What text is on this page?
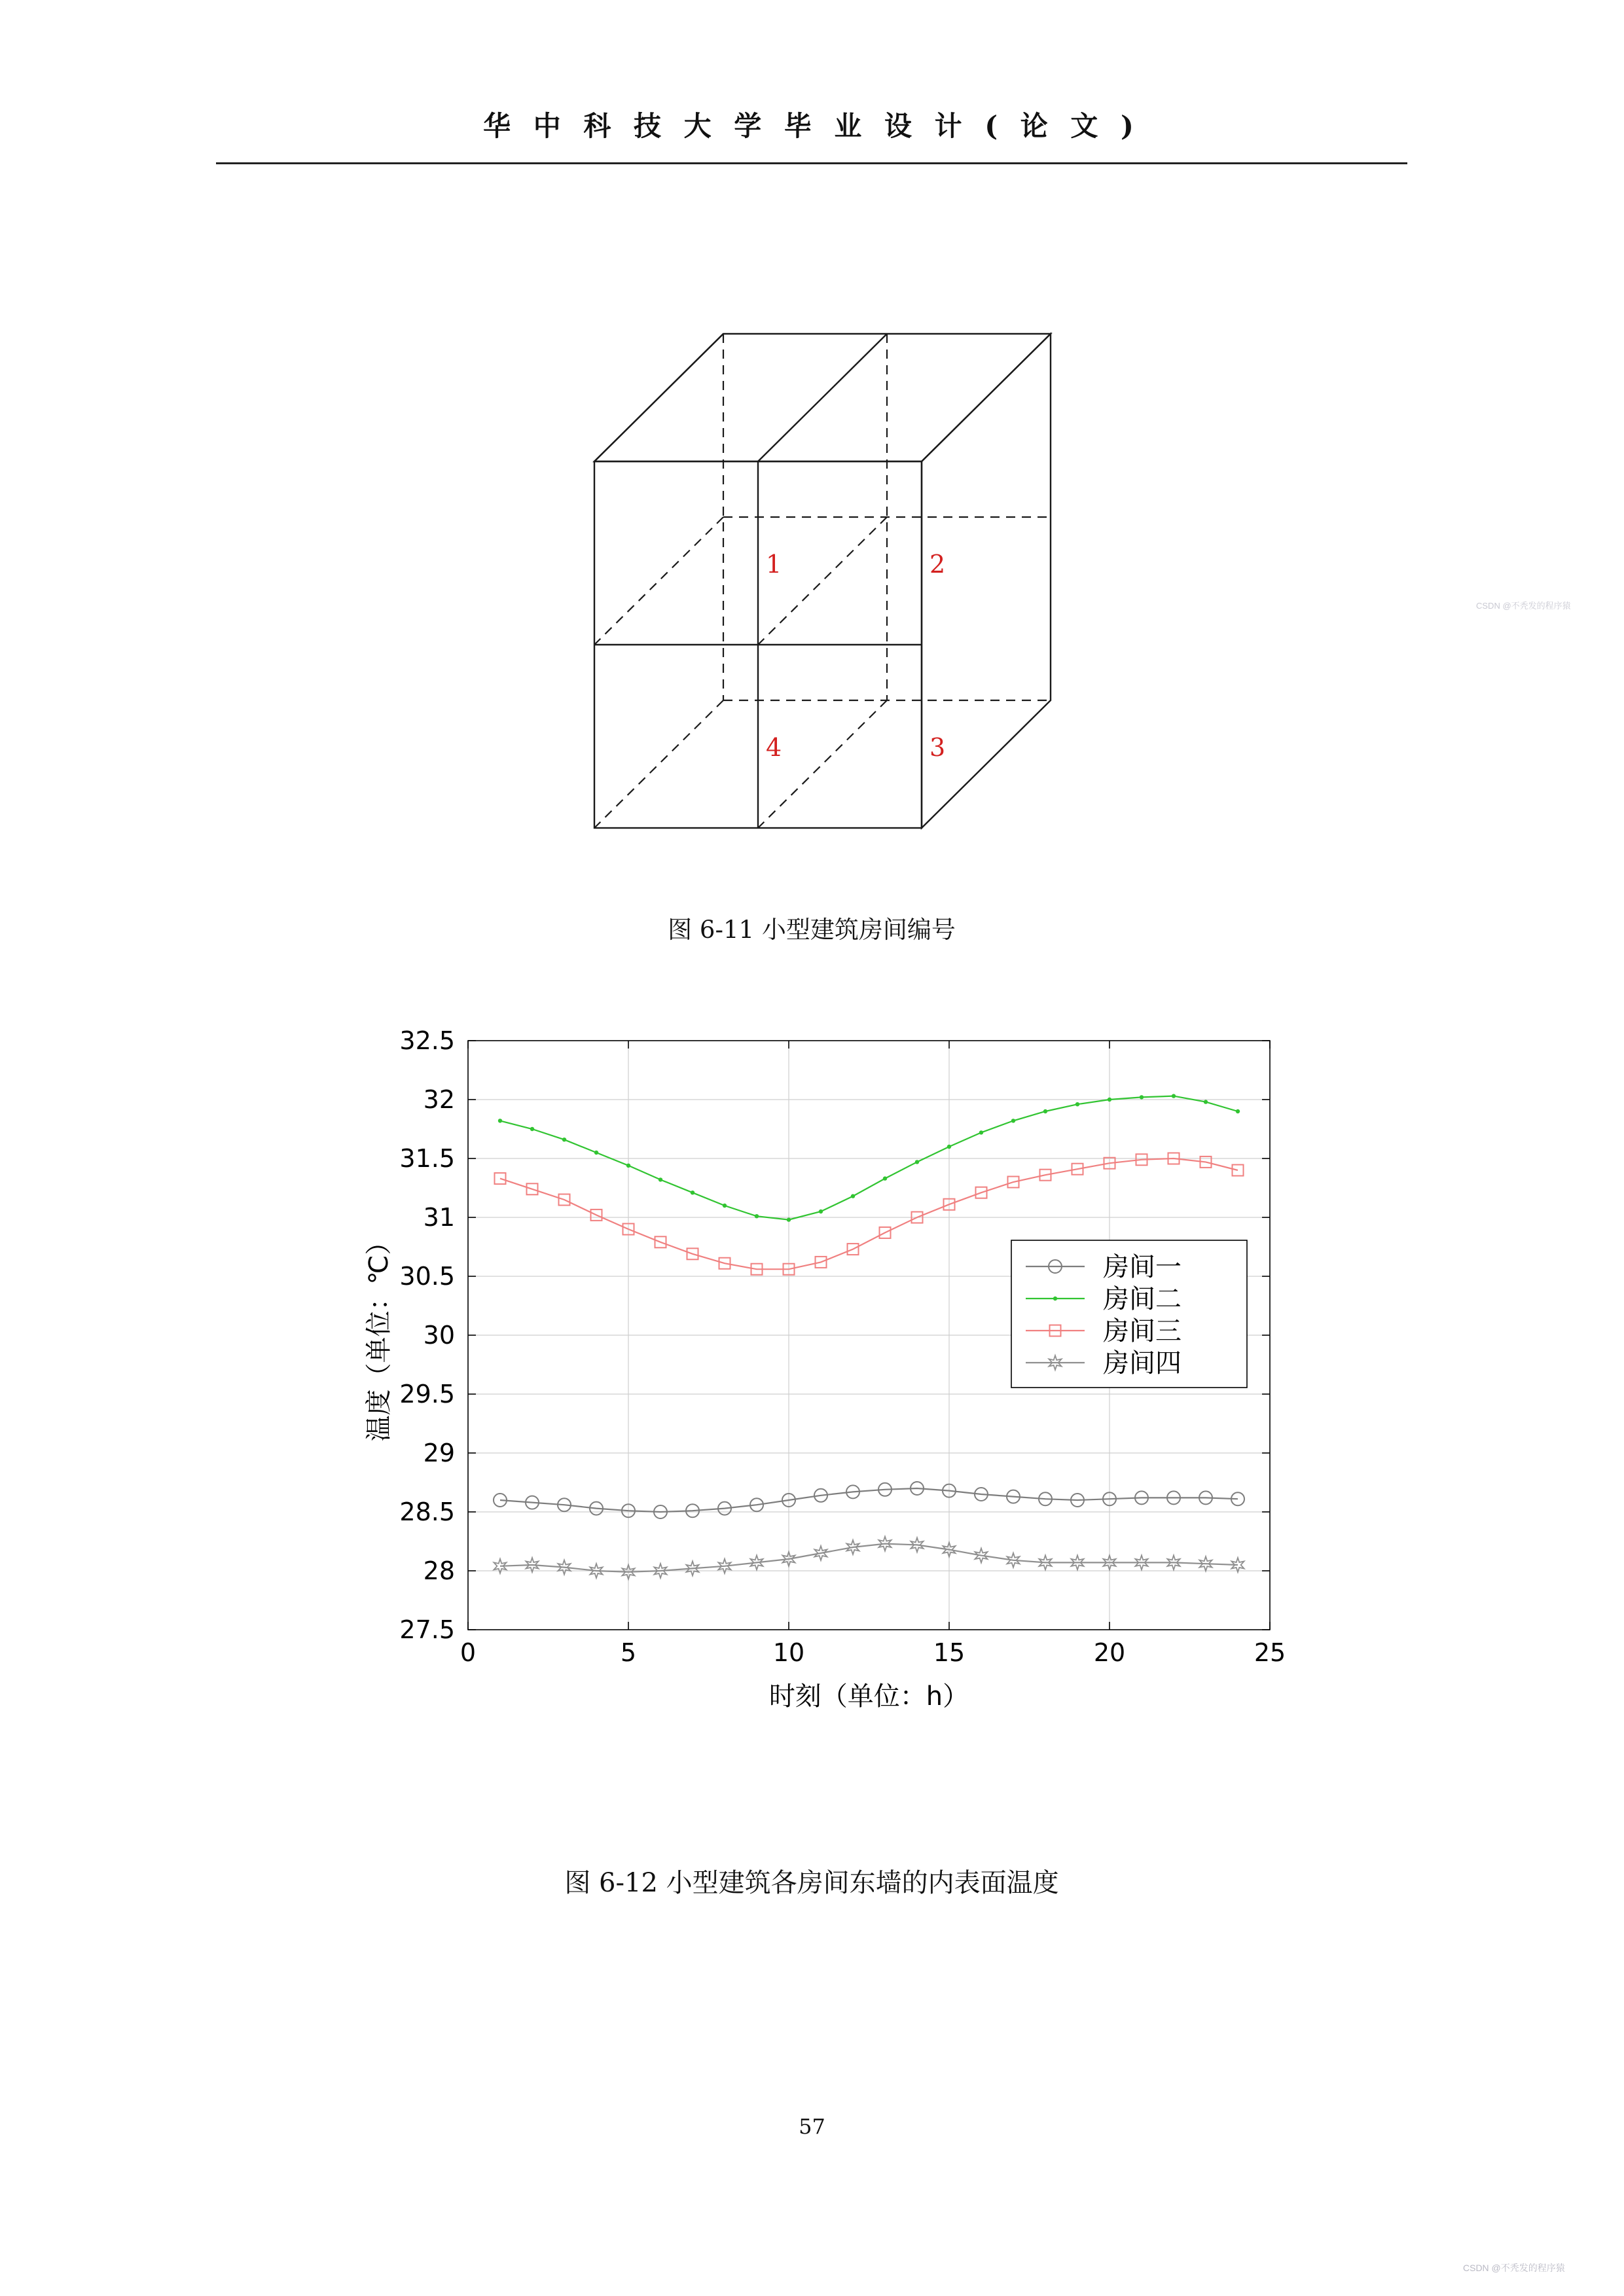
华 中 科 技 大 学 毕 业 设 计 ( 论 文 )
1	2
3
4
图 6-11 小型建筑房间编号
0	5	10	15	20	25
27.5
28
28.5
29
29.5
30
30.5
31
31.5
32
32.5
时刻（单位：h）
温度（单位：℃）	房间一
房间二
房间三
房间四
图 6-12 小型建筑各房间东墙的内表面温度
57
CSDN @不秃发的程序猿
CSDN @不秃发的程序猿
